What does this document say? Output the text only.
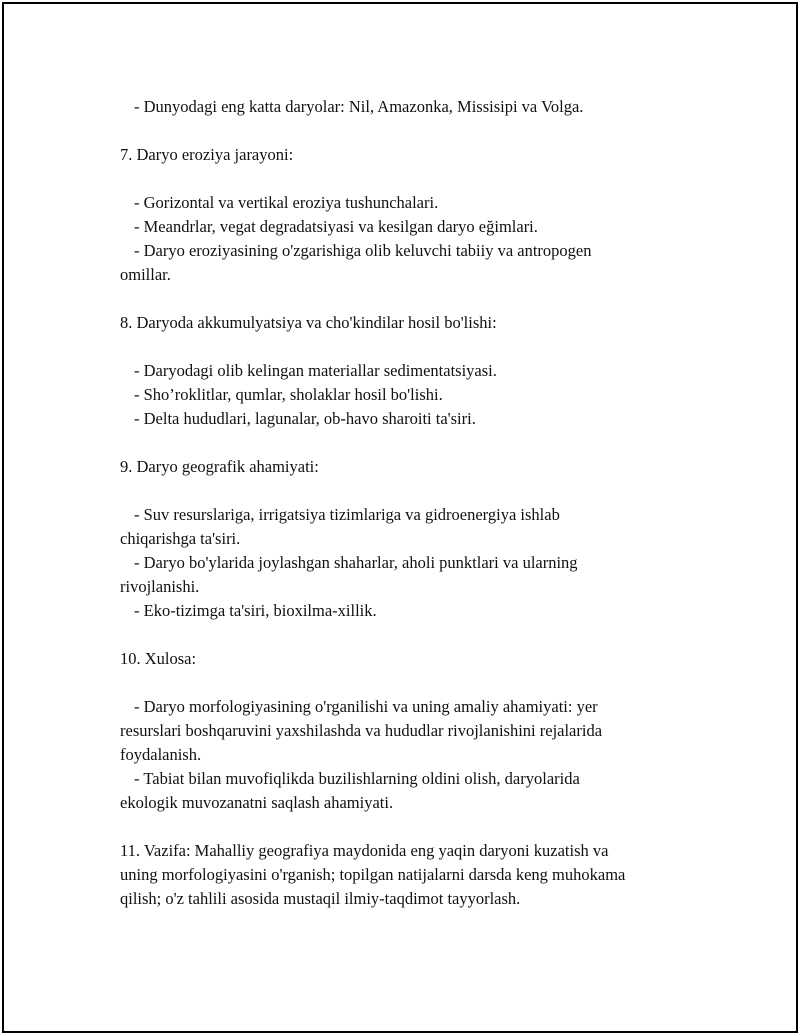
- Dunyodagi eng katta daryolar: Nil, Amazonka, Missisipi va Volga.
7. Daryo eroziya jarayoni:
- Gorizontal va vertikal eroziya tushunchalari.
- Meandrlar, vegat degradatsiyasi va kesilgan daryo eğimlari.
- Daryo eroziyasining o'zgarishiga olib keluvchi tabiiy va antropogen
omillar.
8. Daryoda akkumulyatsiya va cho'kindilar hosil bo'lishi:
- Daryodagi olib kelingan materiallar sedimentatsiyasi.
- Sho’roklitlar, qumlar, sholaklar hosil bo'lishi.
- Delta hududlari, lagunalar, ob-havo sharoiti ta'siri.
9. Daryo geografik ahamiyati:
- Suv resurslariga, irrigatsiya tizimlariga va gidroenergiya ishlab
chiqarishga ta'siri.
- Daryo bo'ylarida joylashgan shaharlar, aholi punktlari va ularning
rivojlanishi.
- Eko-tizimga ta'siri, bioxilma-xillik.
10. Xulosa:
- Daryo morfologiyasining o'rganilishi va uning amaliy ahamiyati: yer
resurslari boshqaruvini yaxshilashda va hududlar rivojlanishini rejalarida
foydalanish.
- Tabiat bilan muvofiqlikda buzilishlarning oldini olish, daryolarida
ekologik muvozanatni saqlash ahamiyati.
11. Vazifa: Mahalliy geografiya maydonida eng yaqin daryoni kuzatish va
uning morfologiyasini o'rganish; topilgan natijalarni darsda keng muhokama
qilish; o'z tahlili asosida mustaqil ilmiy-taqdimot tayyorlash.
